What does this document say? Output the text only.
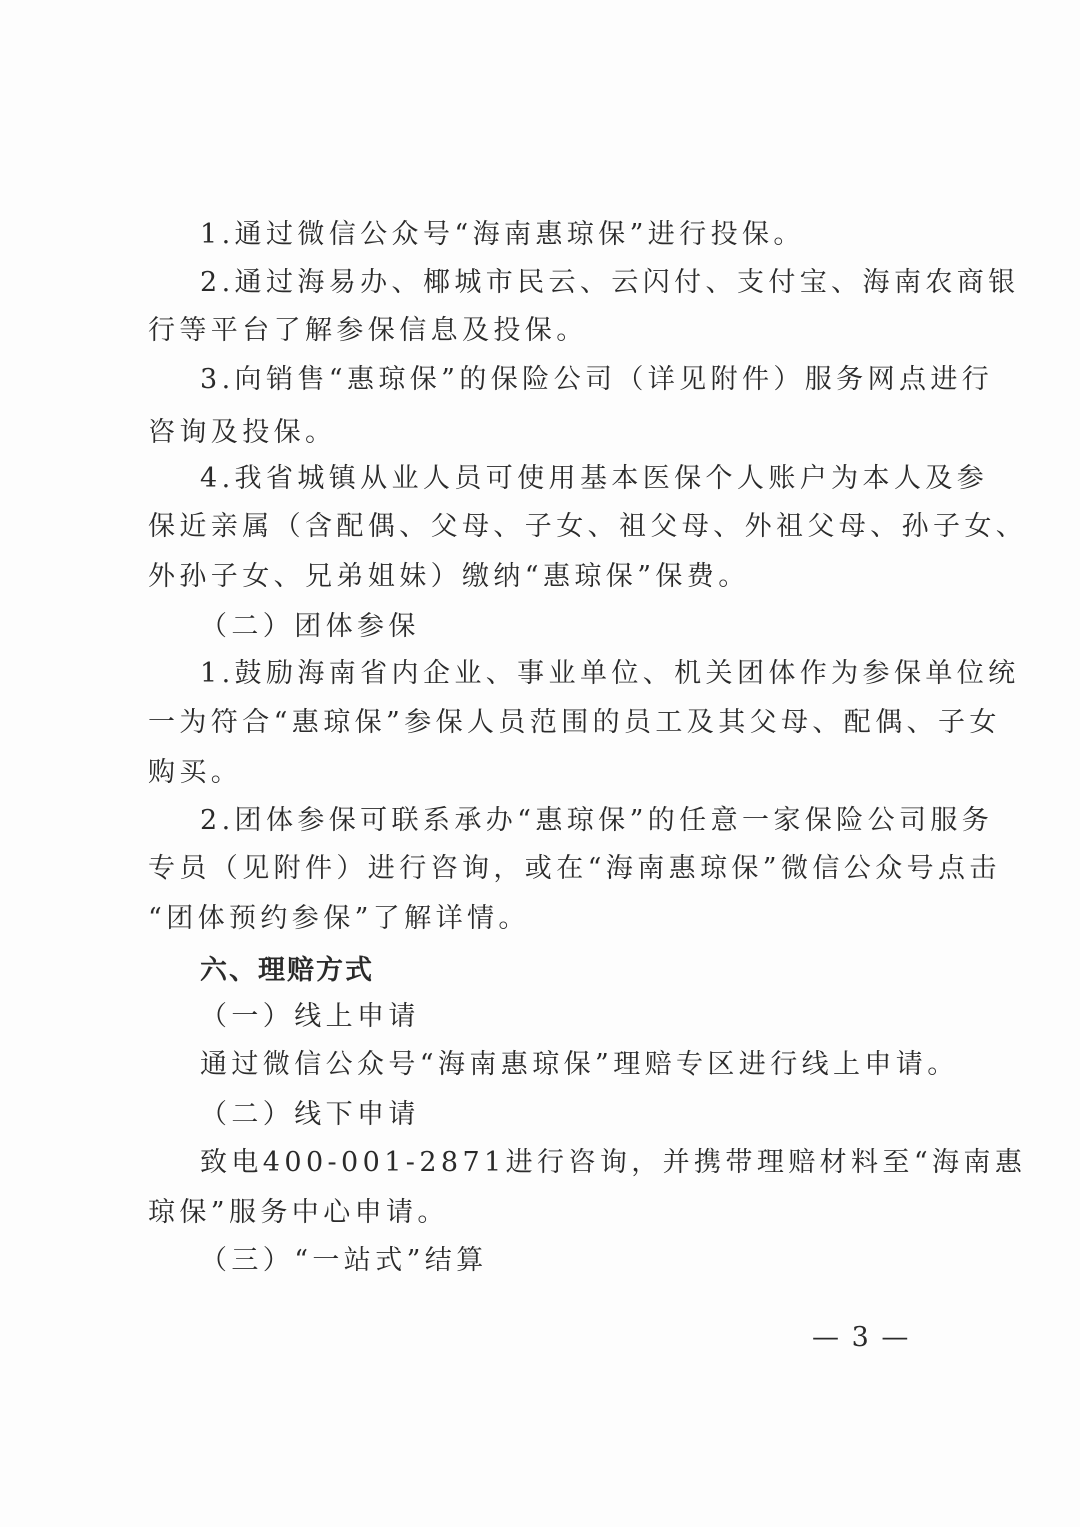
1.通过微信公众号“海南惠琼保”进行投保。
2.通过海易办、椰城市民云、云闪付、支付宝、海南农商银
行等平台了解参保信息及投保。
3.向销售“惠琼保”的保险公司（详见附件）服务网点进行
咨询及投保。
4.我省城镇从业人员可使用基本医保个人账户为本人及参
保近亲属（含配偶、父母、子女、祖父母、外祖父母、孙子女、
外孙子女、兄弟姐妹）缴纳“惠琼保”保费。
（二）团体参保
1.鼓励海南省内企业、事业单位、机关团体作为参保单位统
一为符合“惠琼保”参保人员范围的员工及其父母、配偶、子女
购买。
2.团体参保可联系承办“惠琼保”的任意一家保险公司服务
专员（见附件）进行咨询，或在“海南惠琼保”微信公众号点击
“团体预约参保”了解详情。
六、理赔方式
（一）线上申请
通过微信公众号“海南惠琼保”理赔专区进行线上申请。
（二）线下申请
致电400-001-2871进行咨询，并携带理赔材料至“海南惠
琼保”服务中心申请。
（三）“一站式”结算
— 3 —
